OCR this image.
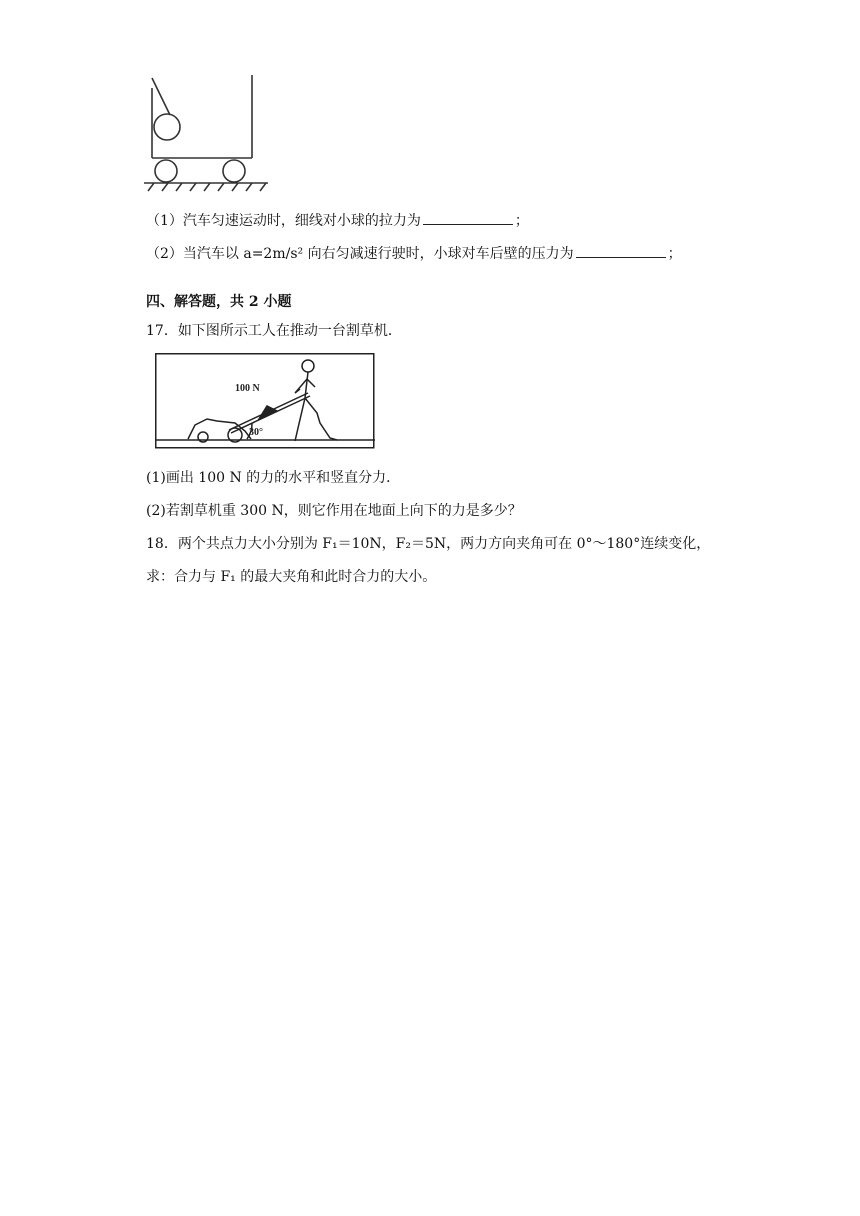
（1）汽车匀速运动时，细线对小球的拉力为	；
（2）当汽车以 a=2m/s² 向右匀减速行驶时，小球对车后壁的压力为	；
四、解答题，共 2 小题
17．如下图所示工人在推动一台割草机．
100 N
30°
(1)画出 100 N 的力的水平和竖直分力．
(2)若割草机重 300 N，则它作用在地面上向下的力是多少？
18．两个共点力大小分别为 F₁＝10N，F₂＝5N，两力方向夹角可在 0°～180°连续变化，
求：合力与 F₁ 的最大夹角和此时合力的大小。
